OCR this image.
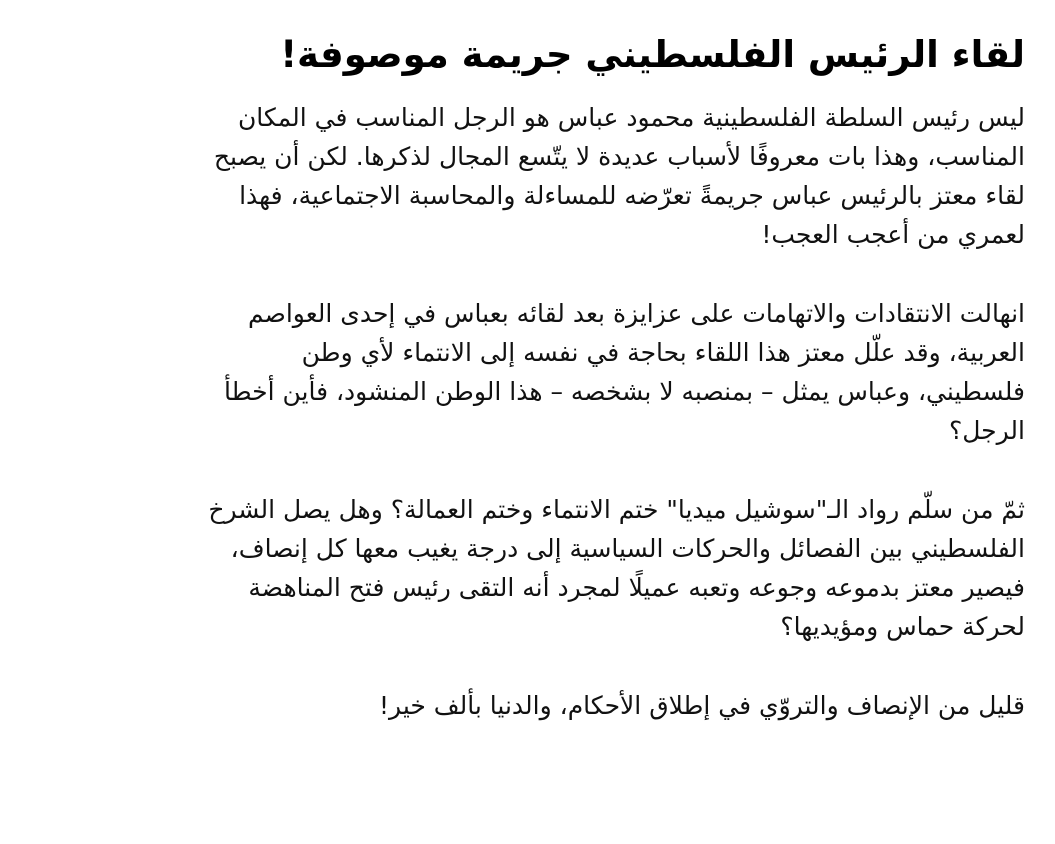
لقاء الرئيس الفلسطيني جريمة موصوفة!
ليس رئيس السلطة الفلسطينية محمود عباس هو الرجل المناسب في المكان
المناسب، وهذا بات معروفًا لأسباب عديدة لا يتّسع المجال لذكرها. لكن أن يصبح
لقاء معتز بالرئيس عباس جريمةً تعرّضه للمساءلة والمحاسبة الاجتماعية، فهذا
لعمري من أعجب العجب!
انهالت الانتقادات والاتهامات على عزايزة بعد لقائه بعباس في إحدى العواصم
العربية، وقد علّل معتز هذا اللقاء بحاجة في نفسه إلى الانتماء لأي وطن
فلسطيني، وعباس يمثل – بمنصبه لا بشخصه – هذا الوطن المنشود، فأين أخطأ
الرجل؟
ثمّ من سلّم رواد الـ"سوشيل ميديا" ختم الانتماء وختم العمالة؟ وهل يصل الشرخ
الفلسطيني بين الفصائل والحركات السياسية إلى درجة يغيب معها كل إنصاف،
فيصير معتز بدموعه وجوعه وتعبه عميلًا لمجرد أنه التقى رئيس فتح المناهضة
لحركة حماس ومؤيديها؟
قليل من الإنصاف والتروّي في إطلاق الأحكام، والدنيا بألف خير!
